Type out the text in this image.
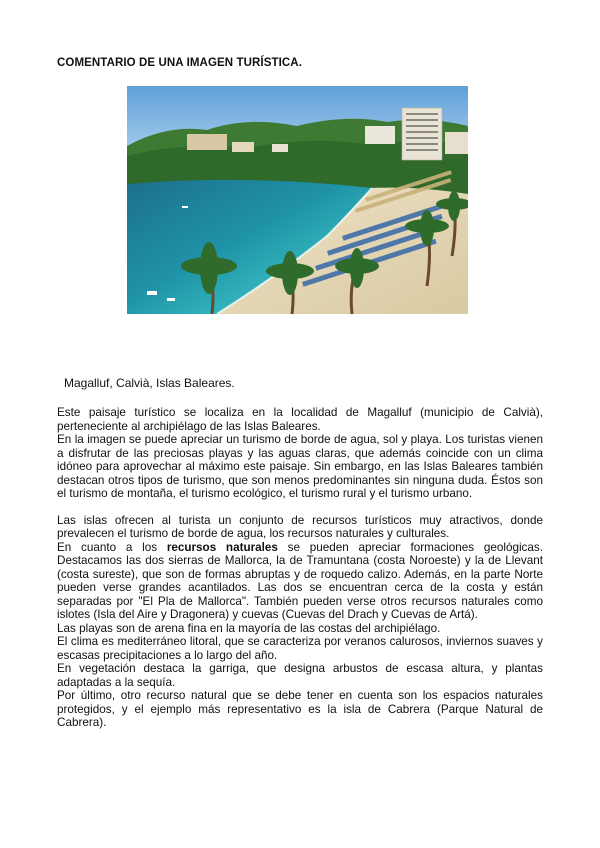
COMENTARIO DE UNA IMAGEN TURÍSTICA.
Magalluf, Calvià, Islas Baleares.

Este paisaje turístico se localiza en la localidad de Magalluf (municipio de Calvià), perteneciente al archipiélago de las Islas Baleares.

En la imagen se puede apreciar un turismo de borde de agua, sol y playa. Los turistas vienen a disfrutar de las preciosas playas y las aguas claras, que además coincide con un clima idóneo para aprovechar al máximo este paisaje. Sin embargo, en las Islas Baleares también destacan otros tipos de turismo, que son menos predominantes sin ninguna duda. Éstos son el turismo de montaña, el turismo ecológico, el turismo rural y el turismo urbano.

Las islas ofrecen al turista un conjunto de recursos turísticos muy atractivos, donde prevalecen el turismo de borde de agua, los recursos naturales y culturales.

En cuanto a los recursos naturales se pueden apreciar formaciones geológicas. Destacamos las dos sierras de Mallorca, la de Tramuntana (costa Noroeste) y la de Llevant (costa sureste), que son de formas abruptas y de roquedo calizo. Además, en la parte Norte pueden verse grandes acantilados. Las dos se encuentran cerca de la costa y están separadas por "El Pla de Mallorca". También pueden verse otros recursos naturales como islotes (Isla del Aire y Dragonera) y cuevas (Cuevas del Drach y Cuevas de Artá).

Las playas son de arena fina en la mayoría de las costas del archipiélago.

El clima es mediterráneo litoral, que se caracteriza por veranos calurosos, inviernos suaves y escasas precipitaciones a lo largo del año.

En vegetación destaca la garriga, que designa arbustos de escasa altura, y plantas adaptadas a la sequía.

Por último, otro recurso natural que se debe tener en cuenta son los espacios naturales protegidos, y el ejemplo más representativo es la isla de Cabrera (Parque Natural de Cabrera).
